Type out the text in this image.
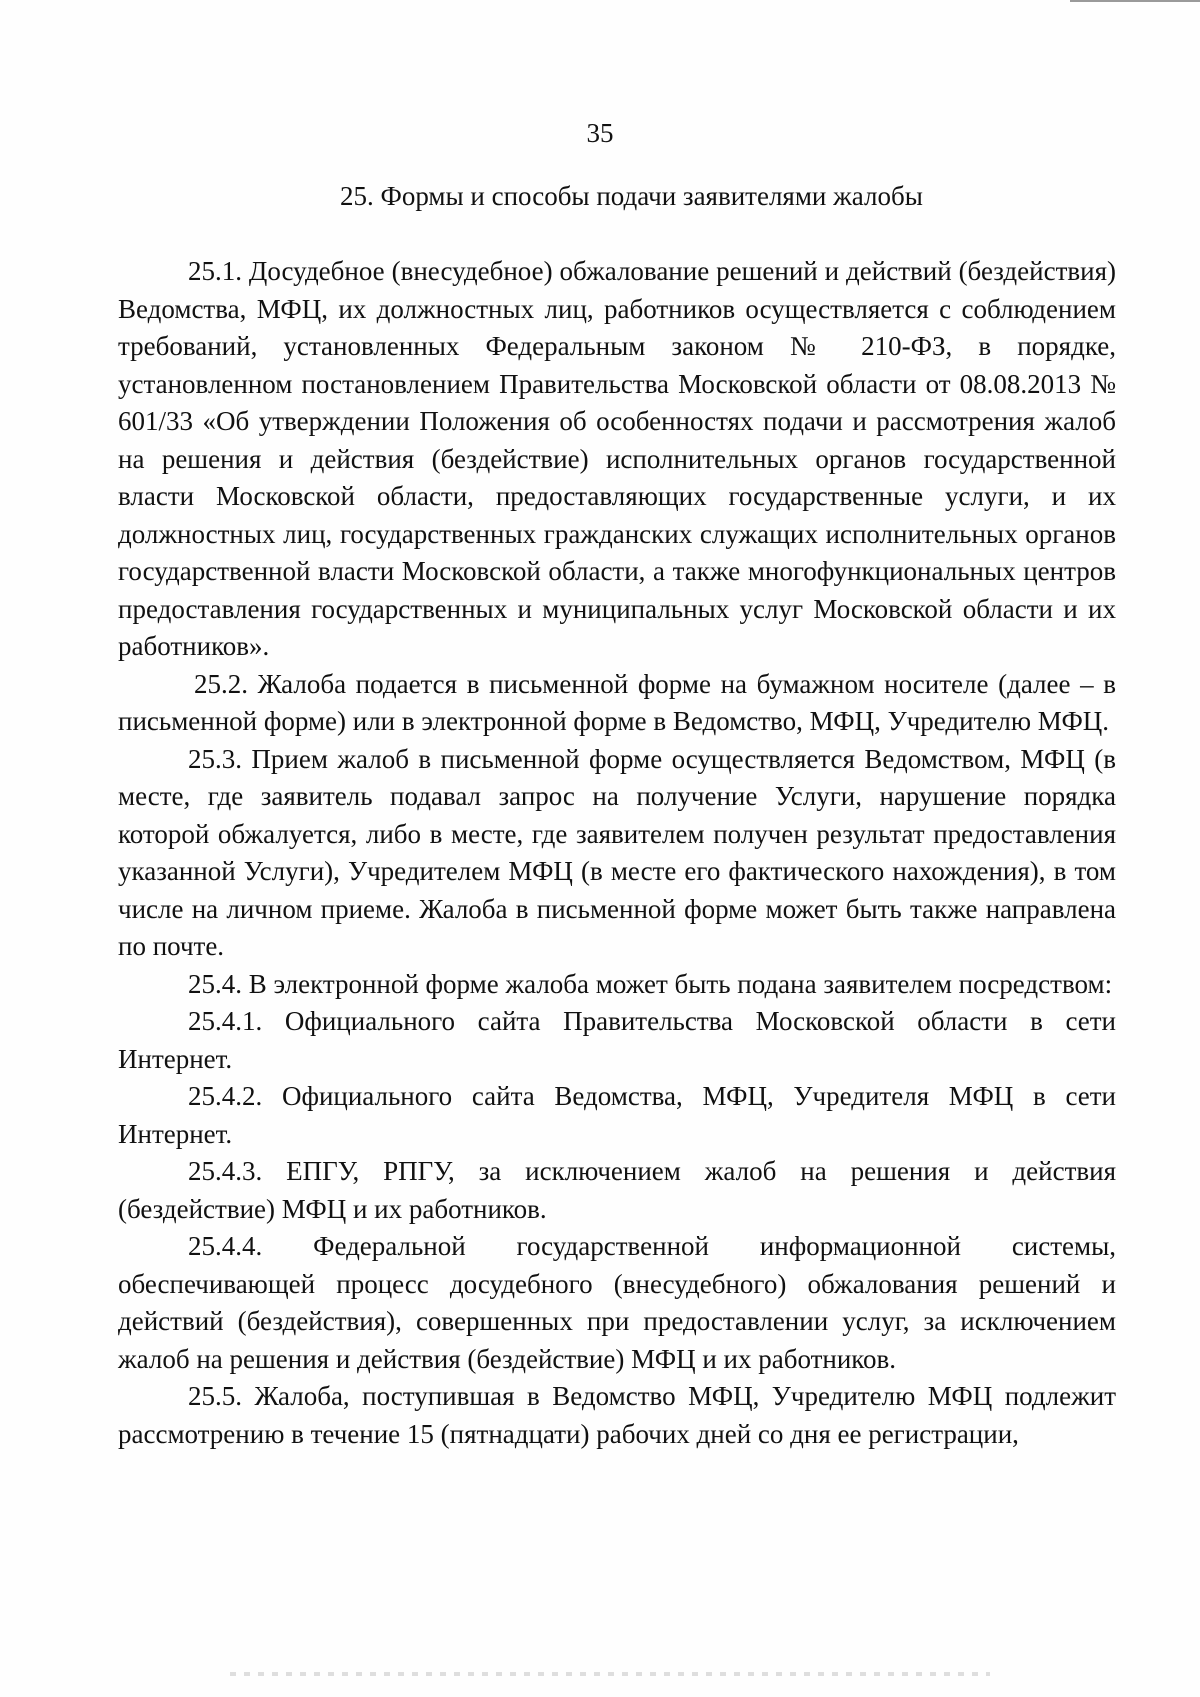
35
25. Формы и способы подачи заявителями жалобы

25.1. Досудебное (внесудебное) обжалование решений и действий (бездействия) Ведомства, МФЦ, их должностных лиц, работников осуществляется с соблюдением требований, установленных Федеральным законом № 210-ФЗ, в порядке, установленном постановлением Правительства Московской области от 08.08.2013 № 601/33 «Об утверждении Положения об особенностях подачи и рассмотрения жалоб на решения и действия (бездействие) исполнительных органов государственной власти Московской области, предоставляющих государственные услуги, и их должностных лиц, государственных гражданских служащих исполнительных органов государственной власти Московской области, а также многофункциональных центров предоставления государственных и муниципальных услуг Московской области и их работников».

25.2. Жалоба подается в письменной форме на бумажном носителе (далее – в письменной форме) или в электронной форме в Ведомство, МФЦ, Учредителю МФЦ.

25.3. Прием жалоб в письменной форме осуществляется Ведомством, МФЦ (в месте, где заявитель подавал запрос на получение Услуги, нарушение порядка которой обжалуется, либо в месте, где заявителем получен результат предоставления указанной Услуги), Учредителем МФЦ (в месте его фактического нахождения), в том числе на личном приеме. Жалоба в письменной форме может быть также направлена по почте.

25.4. В электронной форме жалоба может быть подана заявителем посредством:

25.4.1. Официального сайта Правительства Московской области в сети Интернет.

25.4.2. Официального сайта Ведомства, МФЦ, Учредителя МФЦ в сети Интернет.

25.4.3. ЕПГУ, РПГУ, за исключением жалоб на решения и действия (бездействие) МФЦ и их работников.

25.4.4. Федеральной государственной информационной системы, обеспечивающей процесс досудебного (внесудебного) обжалования решений и действий (бездействия), совершенных при предоставлении услуг, за исключением жалоб на решения и действия (бездействие) МФЦ и их работников.

25.5. Жалоба, поступившая в Ведомство МФЦ, Учредителю МФЦ подлежит рассмотрению в течение 15 (пятнадцати) рабочих дней со дня ее регистрации,
